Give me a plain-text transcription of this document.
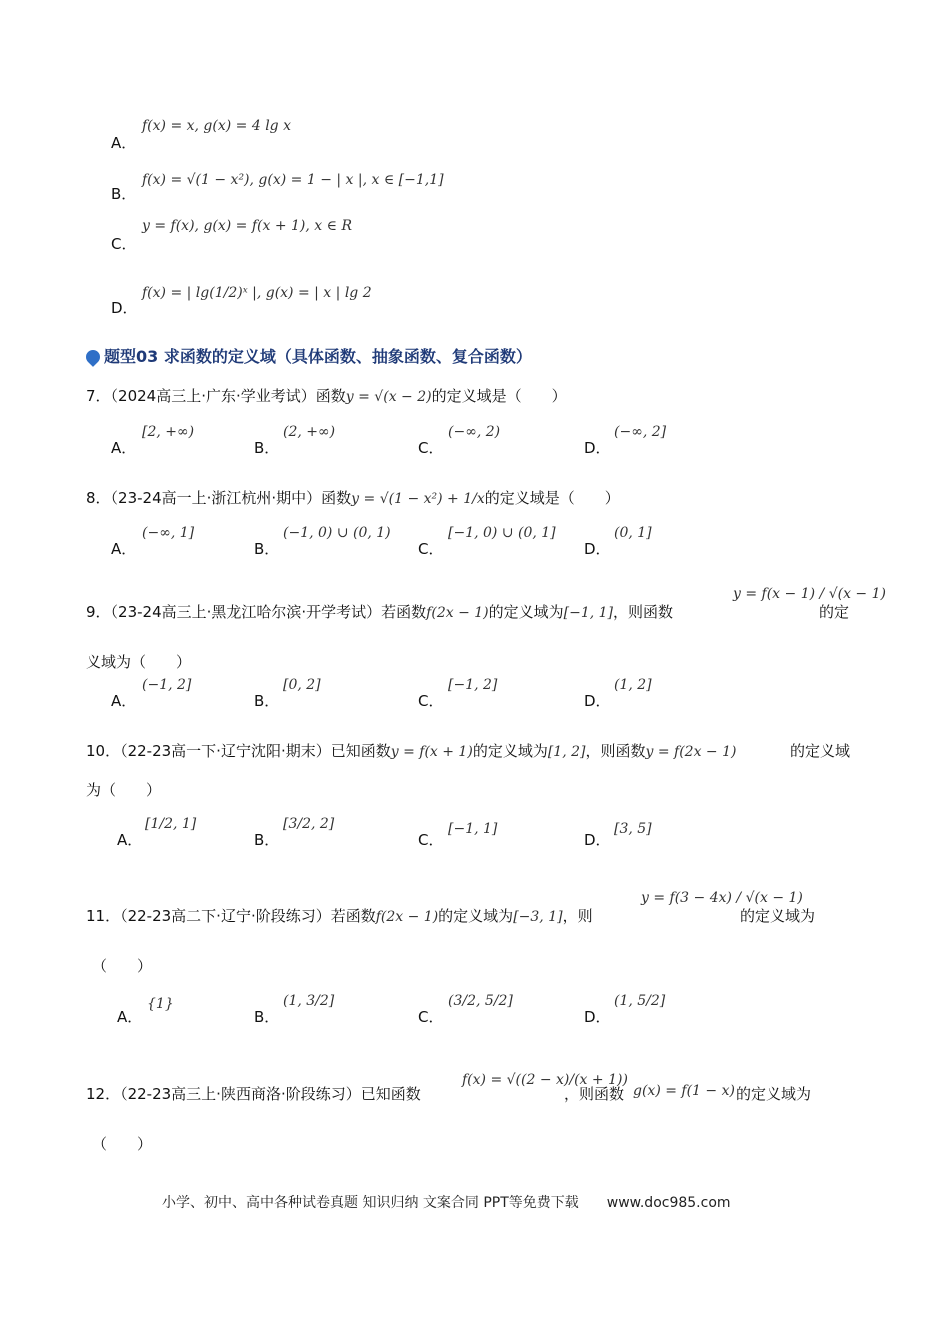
A．
f(x) = x, g(x) = 4 lg x
B．
f(x) = √(1 − x²), g(x) = 1 − | x |, x ∈ [−1,1]
C．
y = f(x), g(x) = f(x + 1), x ∈ R
D．
f(x) = | lg(1/2)ˣ |, g(x) = | x | lg 2
题型03 求函数的定义域（具体函数、抽象函数、复合函数）
7．（2024高三上·广东·学业考试）函数y = √(x − 2)的定义域是（　　）
A．
[2, +∞)
B．
(2, +∞)
C．
(−∞, 2)
D．
(−∞, 2]
8．（23-24高一上·浙江杭州·期中）函数y = √(1 − x²) + 1/x的定义域是（　　）
A．
(−∞, 1]
B．
(−1, 0) ∪ (0, 1)
C．
[−1, 0) ∪ (0, 1]
D．
(0, 1]
9．（23-24高三上·黑龙江哈尔滨·开学考试）若函数f(2x − 1)的定义域为[−1, 1]，则函数
y = f(x − 1) / √(x − 1)
的定
义域为（　　）
A．
(−1, 2]
B．
[0, 2]
C．
[−1, 2]
D．
(1, 2]
10．（22-23高一下·辽宁沈阳·期末）已知函数y = f(x + 1)的定义域为[1, 2]，则函数y = f(2x − 1)	的定义域
为（　　）
A．
[1/2, 1]
B．
[3/2, 2]
C．
[−1, 1]
D．
[3, 5]
11．（22-23高二下·辽宁·阶段练习）若函数f(2x − 1)的定义域为[−3, 1]，则
y = f(3 − 4x) / √(x − 1)
的定义域为
（　　）
A．
{1}
B．
(1, 3/2]
C．
(3/2, 5/2]
D．
(1, 5/2]
12．（22-23高三上·陕西商洛·阶段练习）已知函数
f(x) = √((2 − x)/(x + 1))
，则函数 g(x) = f(1 − x) 的定义域为
（　　）
小学、初中、高中各种试卷真题 知识归纳 文案合同 PPT等免费下载　　www.doc985.com
